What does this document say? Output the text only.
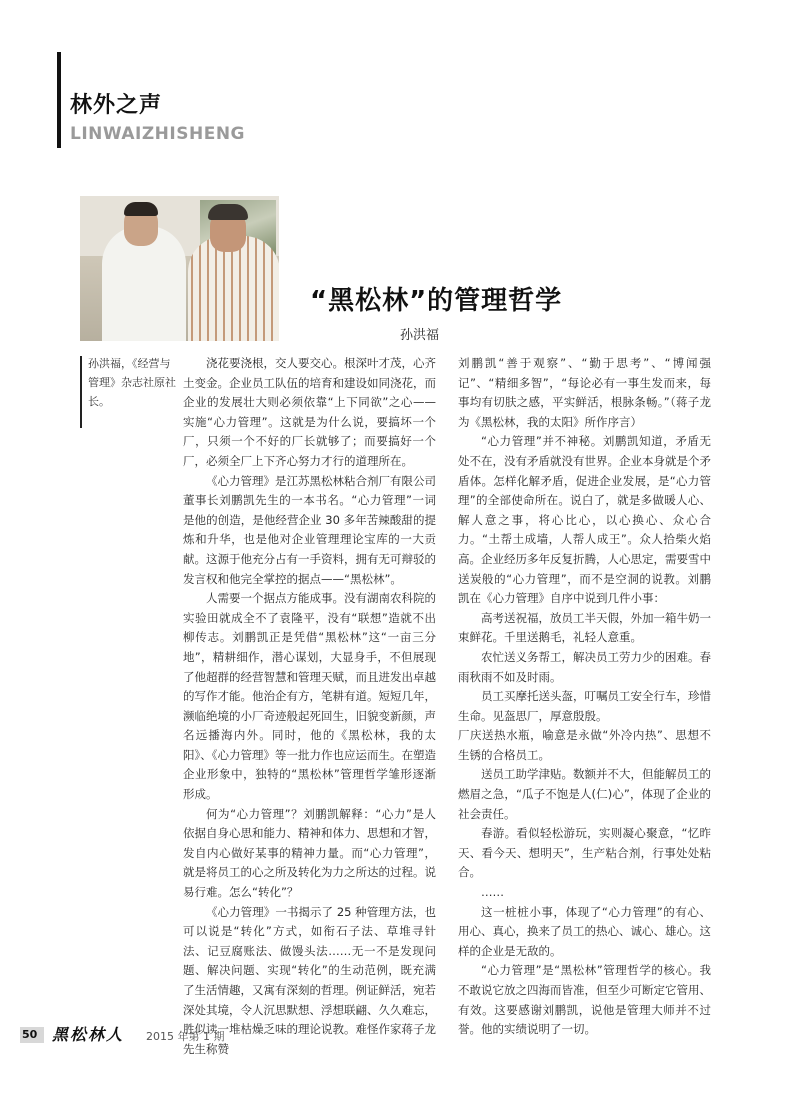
林外之声
LINWAIZHISHENG
“黑松林”的管理哲学
孙洪福
孙洪福，《经营与管理》杂志社原社长。

浇花要浇根，交人要交心。根深叶才茂，心齐土变金。企业员工队伍的培育和建设如同浇花，而企业的发展壮大则必须依靠“上下同欲”之心——实施“心力管理”。这就是为什么说，要搞坏一个厂，只须一个不好的厂长就够了；而要搞好一个厂，必须全厂上下齐心努力才行的道理所在。

《心力管理》是江苏黑松林粘合剂厂有限公司董事长刘鹏凯先生的一本书名。“心力管理”一词是他的创造，是他经营企业 30 多年苦辣酸甜的提炼和升华，也是他对企业管理理论宝库的一大贡献。这源于他充分占有一手资料，拥有无可辩驳的发言权和他完全掌控的据点——“黑松林”。

人需要一个据点方能成事。没有湖南农科院的实验田就成全不了袁隆平，没有“联想”造就不出柳传志。刘鹏凯正是凭借“黑松林”这“一亩三分地”，精耕细作，潜心谋划，大显身手，不但展现了他超群的经营智慧和管理天赋，而且进发出卓越的写作才能。他治企有方，笔耕有道。短短几年，濒临绝境的小厂奇迹般起死回生，旧貌变新颜，声名远播海内外。同时，他的《黑松林，我的太阳》、《心力管理》等一批力作也应运而生。在塑造企业形象中，独特的“黑松林”管理哲学雏形逐渐形成。

何为“心力管理”？刘鹏凯解释：“心力”是人依据自身心思和能力、精神和体力、思想和才智，发自内心做好某事的精神力量。而“心力管理”，就是将员工的心之所及转化为力之所达的过程。说易行难。怎么“转化”？

《心力管理》一书揭示了 25 种管理方法，也可以说是“转化”方式，如衔石子法、草堆寻针法、记豆腐账法、做馒头法……无一不是发现问题、解决问题、实现“转化”的生动范例，既充满了生活情趣，又寓有深刻的哲理。例证鲜活，宛若深处其境，令人沉思默想、浮想联翩、久久难忘，胜似读一堆枯燥乏味的理论说教。难怪作家蒋子龙先生称赞

刘鹏凯“善于观察”、“勤于思考”、“博闻强记”、“精细多智”，“每论必有一事生发而来，每事均有切肤之感，平实鲜活，根脉条畅。”（蒋子龙为《黑松林，我的太阳》所作序言）

“心力管理”并不神秘。刘鹏凯知道，矛盾无处不在，没有矛盾就没有世界。企业本身就是个矛盾体。怎样化解矛盾，促进企业发展，是“心力管理”的全部使命所在。说白了，就是多做暖人心、解人意之事，将心比心，以心换心、众心合力。“土帮土成墙，人帮人成王”。众人拾柴火焰高。企业经历多年反复折腾，人心思定，需要雪中送炭般的“心力管理”，而不是空洞的说教。刘鹏凯在《心力管理》自序中说到几件小事：

高考送祝福，放员工半天假，外加一箱牛奶一束鲜花。千里送鹅毛，礼轻人意重。

农忙送义务帮工，解决员工劳力少的困难。春雨秋雨不如及时雨。

员工买摩托送头盔，叮嘱员工安全行车，珍惜生命。见盔思厂，厚意殷殷。

厂庆送热水瓶，喻意是永做“外冷内热”、思想不生锈的合格员工。

送员工助学津贴。数额并不大，但能解员工的燃眉之急，“瓜子不饱是人(仁)心”，体现了企业的社会责任。

春游。看似轻松游玩，实则凝心聚意，“忆昨天、看今天、想明天”，生产粘合剂，行事处处粘合。

……

这一桩桩小事，体现了“心力管理”的有心、用心、真心，换来了员工的热心、诚心、雄心。这样的企业是无敌的。

“心力管理”是“黑松林”管理哲学的核心。我不敢说它放之四海而皆准，但至少可断定它管用、有效。这要感谢刘鹏凯，说他是管理大师并不过誉。他的实绩说明了一切。

50 黑松林人 2015 年第 1 期
